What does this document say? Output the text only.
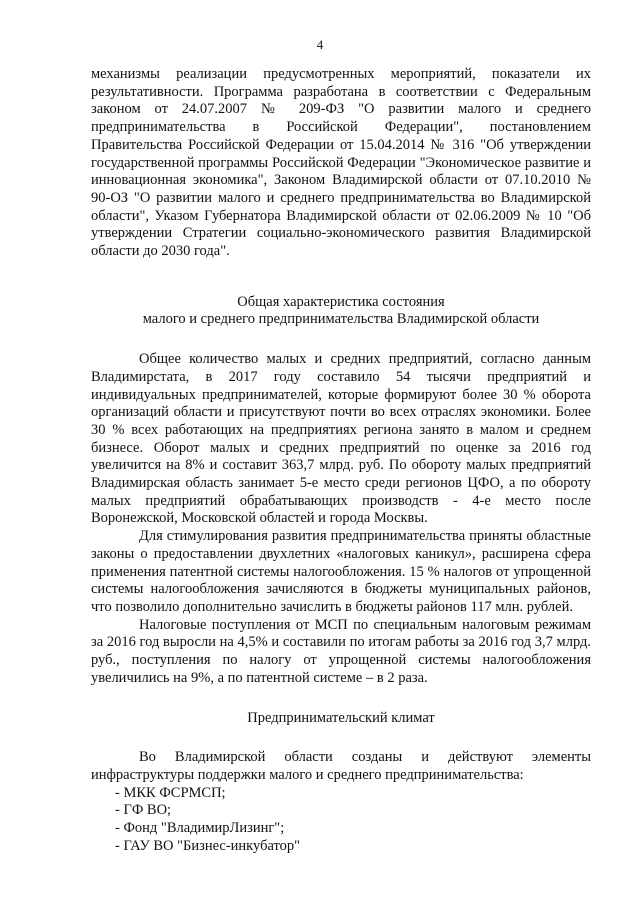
4

механизмы реализации предусмотренных мероприятий, показатели их результативности. Программа разработана в соответствии с Федеральным законом от 24.07.2007 № 209-ФЗ "О развитии малого и среднего предпринимательства в Российской Федерации", постановлением Правительства Российской Федерации от 15.04.2014 № 316 "Об утверждении государственной программы Российской Федерации "Экономическое развитие и инновационная экономика", Законом Владимирской области от 07.10.2010 № 90-ОЗ "О развитии малого и среднего предпринимательства во Владимирской области", Указом Губернатора Владимирской области от 02.06.2009 № 10 "Об утверждении Стратегии социально-экономического развития Владимирской области до 2030 года".

Общая характеристика состояния

малого и среднего предпринимательства Владимирской области

Общее количество малых и средних предприятий, согласно данным Владимирстата, в 2017 году составило 54 тысячи предприятий и индивидуальных предпринимателей, которые формируют более 30 % оборота организаций области и присутствуют почти во всех отраслях экономики. Более 30 % всех работающих на предприятиях региона занято в малом и среднем бизнесе. Оборот малых и средних предприятий по оценке за 2016 год увеличится на 8% и составит 363,7 млрд. руб. По обороту малых предприятий Владимирская область занимает 5-е место среди регионов ЦФО, а по обороту малых предприятий обрабатывающих производств - 4-е место после Воронежской, Московской областей и города Москвы.

Для стимулирования развития предпринимательства приняты областные законы о предоставлении двухлетних «налоговых каникул», расширена сфера применения патентной системы налогообложения. 15 % налогов от упрощенной системы налогообложения зачисляются в бюджеты муниципальных районов, что позволило дополнительно зачислить в бюджеты районов 117 млн. рублей.

Налоговые поступления от МСП по специальным налоговым режимам за 2016 год выросли на 4,5% и составили по итогам работы за 2016 год 3,7 млрд. руб., поступления по налогу от упрощенной системы налогообложения увеличились на 9%, а по патентной системе – в 2 раза.

Предпринимательский климат

Во Владимирской области созданы и действуют элементы инфраструктуры поддержки малого и среднего предпринимательства:

- МКК ФСРМСП;
- ГФ ВО;
- Фонд "ВладимирЛизинг";
- ГАУ ВО "Бизнес-инкубатор"
